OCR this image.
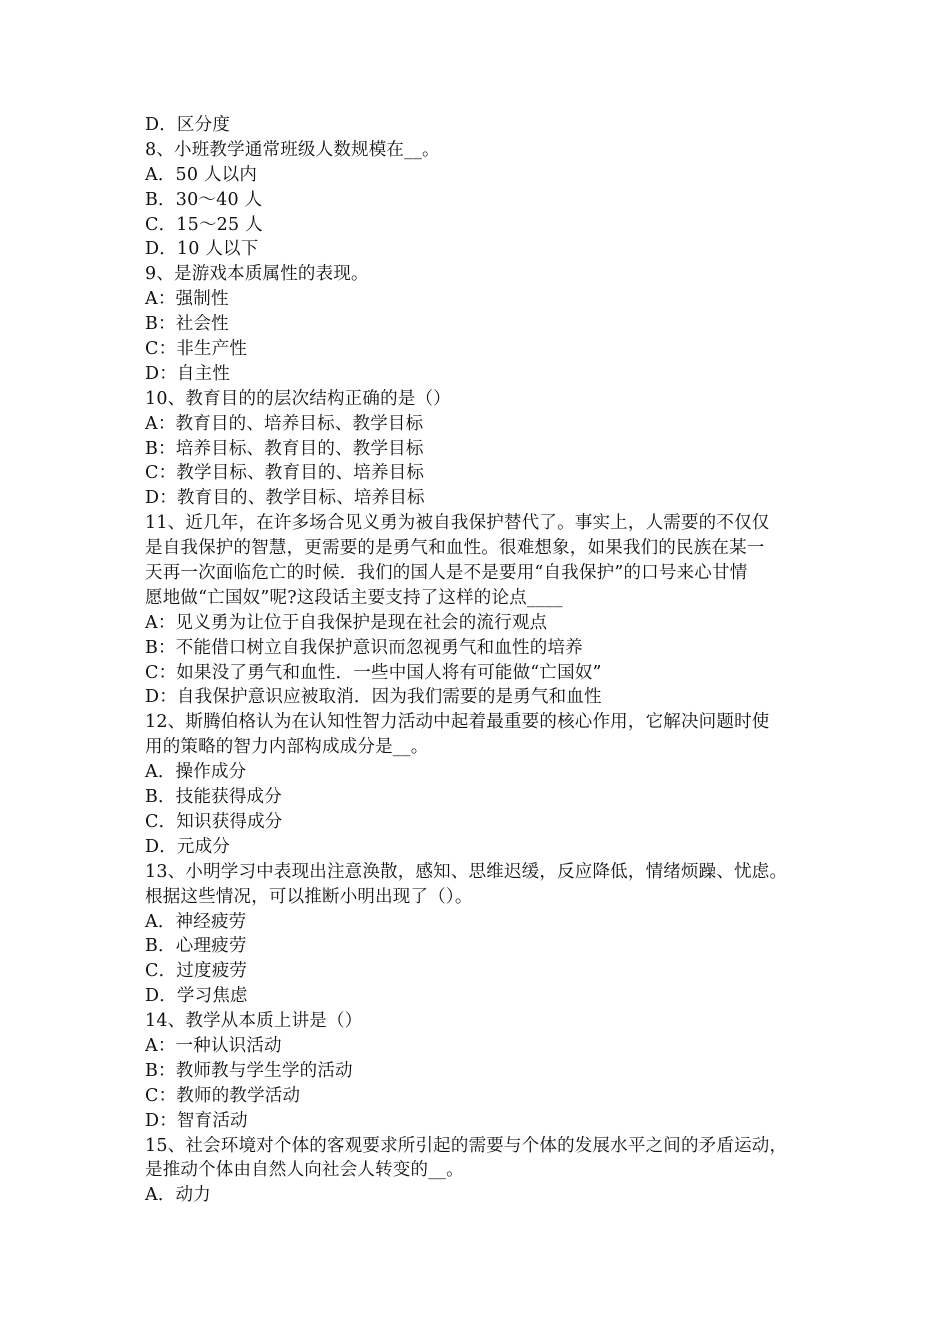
D．区分度
8、小班教学通常班级人数规模在__。
A．50 人以内
B．30～40 人
C．15～25 人
D．10 人以下
9、是游戏本质属性的表现。
A：强制性
B：社会性
C：非生产性
D：自主性
10、教育目的的层次结构正确的是（）
A：教育目的、培养目标、教学目标
B：培养目标、教育目的、教学目标
C：教学目标、教育目的、培养目标
D：教育目的、教学目标、培养目标
11、近几年，在许多场合见义勇为被自我保护替代了。事实上，人需要的不仅仅
是自我保护的智慧，更需要的是勇气和血性。很难想象，如果我们的民族在某一
天再一次面临危亡的时候．我们的国人是不是要用“自我保护”的口号来心甘情
愿地做“亡国奴”呢?这段话主要支持了这样的论点____
A：见义勇为让位于自我保护是现在社会的流行观点
B：不能借口树立自我保护意识而忽视勇气和血性的培养
C：如果没了勇气和血性．一些中国人将有可能做“亡国奴”
D：自我保护意识应被取消．因为我们需要的是勇气和血性
12、斯腾伯格认为在认知性智力活动中起着最重要的核心作用，它解决问题时使
用的策略的智力内部构成成分是__。
A．操作成分
B．技能获得成分
C．知识获得成分
D．元成分
13、小明学习中表现出注意涣散，感知、思维迟缓，反应降低，情绪烦躁、忧虑。
根据这些情况，可以推断小明出现了（）。
A．神经疲劳
B．心理疲劳
C．过度疲劳
D．学习焦虑
14、教学从本质上讲是（）
A：一种认识活动
B：教师教与学生学的活动
C：教师的教学活动
D：智育活动
15、社会环境对个体的客观要求所引起的需要与个体的发展水平之间的矛盾运动，
是推动个体由自然人向社会人转变的__。
A．动力
